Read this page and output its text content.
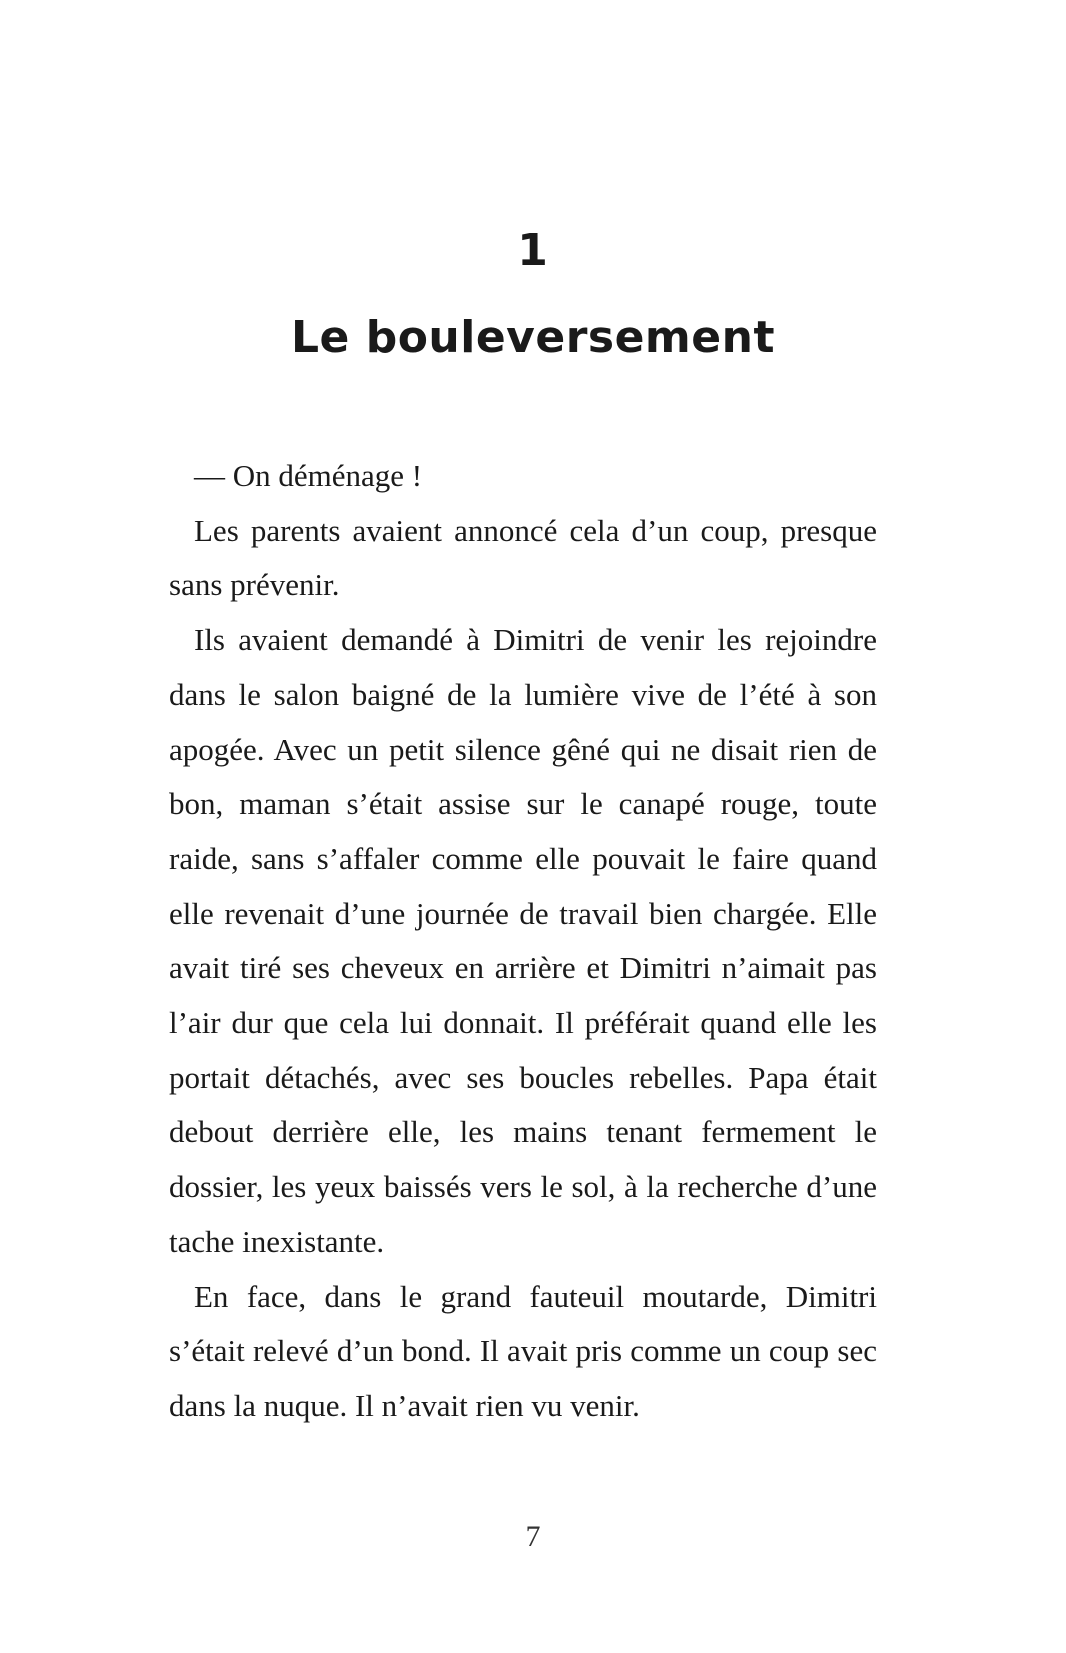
1
Le bouleversement

— On déménage !

Les parents avaient annoncé cela d’un coup, presque sans prévenir.

Ils avaient demandé à Dimitri de venir les rejoindre dans le salon baigné de la lumière vive de l’été à son apogée. Avec un petit silence gêné qui ne disait rien de bon, maman s’était assise sur le canapé rouge, toute raide, sans s’affaler comme elle pouvait le faire quand elle revenait d’une journée de travail bien chargée. Elle avait tiré ses cheveux en arrière et Dimitri n’aimait pas l’air dur que cela lui donnait. Il préférait quand elle les portait détachés, avec ses boucles rebelles. Papa était debout derrière elle, les mains tenant fermement le dossier, les yeux baissés vers le sol, à la recherche d’une tache inexistante.

En face, dans le grand fauteuil moutarde, Dimitri s’était relevé d’un bond. Il avait pris comme un coup sec dans la nuque. Il n’avait rien vu venir.

7
